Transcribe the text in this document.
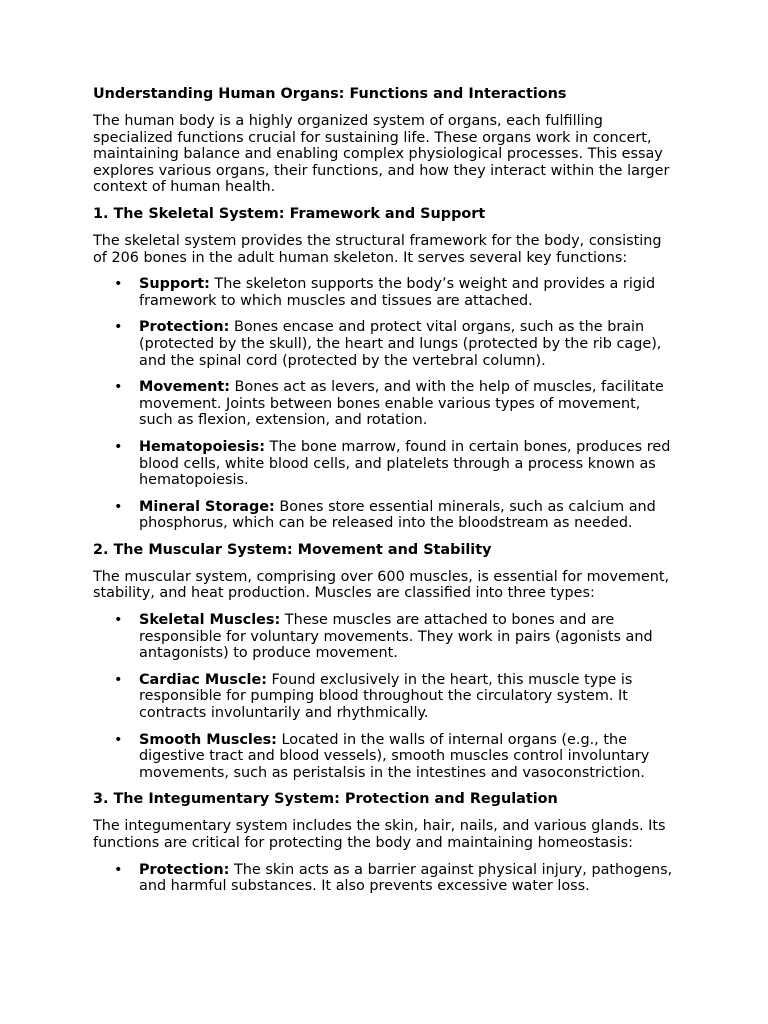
Understanding Human Organs: Functions and Interactions

The human body is a highly organized system of organs, each fulfilling specialized functions crucial for sustaining life. These organs work in concert, maintaining balance and enabling complex physiological processes. This essay explores various organs, their functions, and how they interact within the larger context of human health.

1. The Skeletal System: Framework and Support

The skeletal system provides the structural framework for the body, consisting of 206 bones in the adult human skeleton. It serves several key functions:

• Support: The skeleton supports the body’s weight and provides a rigid framework to which muscles and tissues are attached.
• Protection: Bones encase and protect vital organs, such as the brain (protected by the skull), the heart and lungs (protected by the rib cage), and the spinal cord (protected by the vertebral column).
• Movement: Bones act as levers, and with the help of muscles, facilitate movement. Joints between bones enable various types of movement, such as flexion, extension, and rotation.
• Hematopoiesis: The bone marrow, found in certain bones, produces red blood cells, white blood cells, and platelets through a process known as hematopoiesis.
• Mineral Storage: Bones store essential minerals, such as calcium and phosphorus, which can be released into the bloodstream as needed.
2. The Muscular System: Movement and Stability

The muscular system, comprising over 600 muscles, is essential for movement, stability, and heat production. Muscles are classified into three types:

• Skeletal Muscles: These muscles are attached to bones and are responsible for voluntary movements. They work in pairs (agonists and antagonists) to produce movement.
• Cardiac Muscle: Found exclusively in the heart, this muscle type is responsible for pumping blood throughout the circulatory system. It contracts involuntarily and rhythmically.
• Smooth Muscles: Located in the walls of internal organs (e.g., the digestive tract and blood vessels), smooth muscles control involuntary movements, such as peristalsis in the intestines and vasoconstriction.
3. The Integumentary System: Protection and Regulation

The integumentary system includes the skin, hair, nails, and various glands. Its functions are critical for protecting the body and maintaining homeostasis:

• Protection: The skin acts as a barrier against physical injury, pathogens, and harmful substances. It also prevents excessive water loss.
